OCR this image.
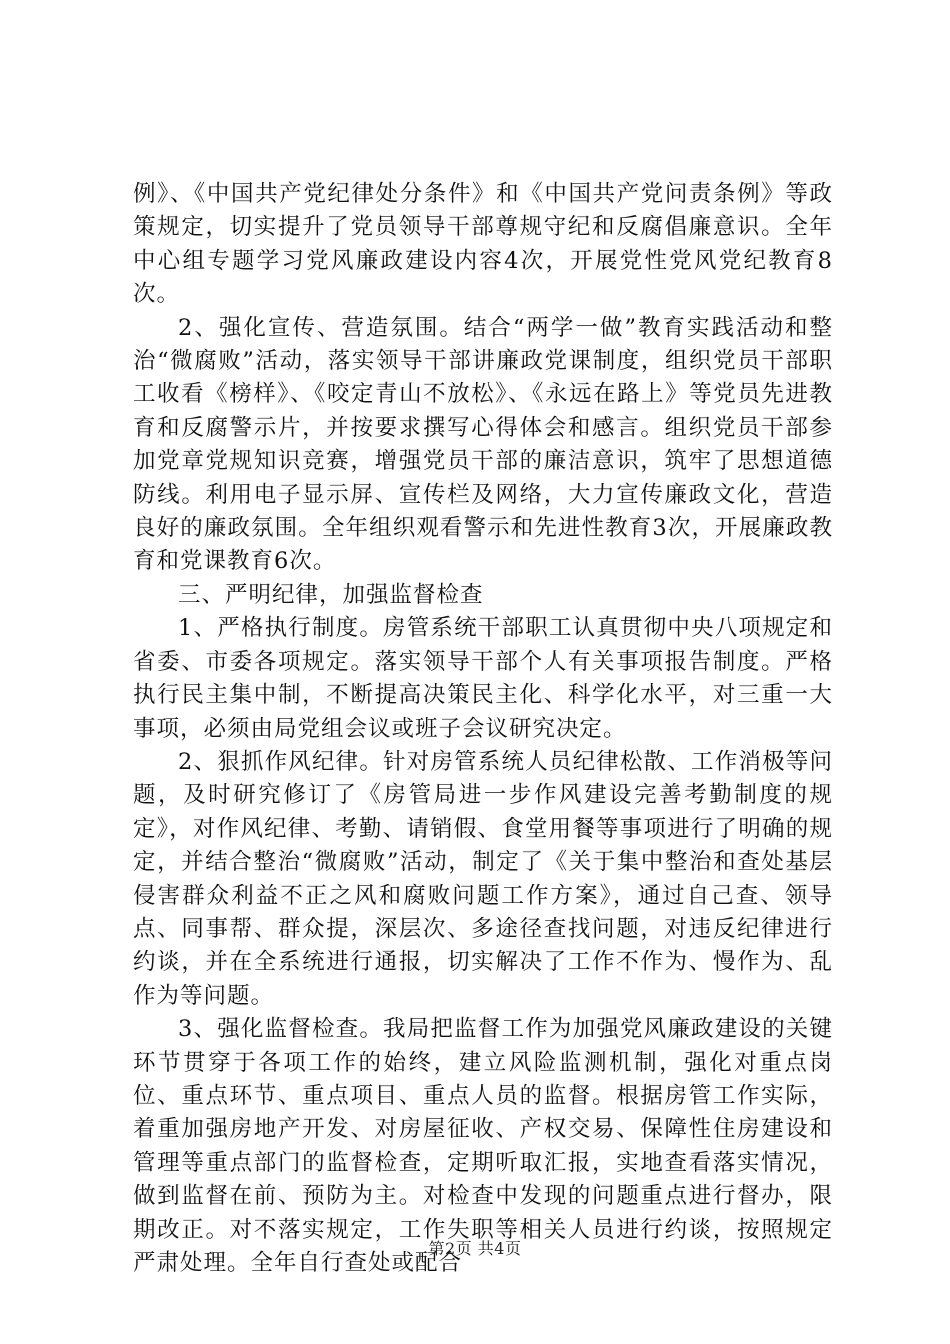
例》、《中国共产党纪律处分条件》和《中国共产党问责条例》等政策规定，切实提升了党员领导干部尊规守纪和反腐倡廉意识。全年中心组专题学习党风廉政建设内容4次，开展党性党风党纪教育8次。

2、强化宣传、营造氛围。结合“两学一做”教育实践活动和整治“微腐败”活动，落实领导干部讲廉政党课制度，组织党员干部职工收看《榜样》、《咬定青山不放松》、《永远在路上》等党员先进教育和反腐警示片，并按要求撰写心得体会和感言。组织党员干部参加党章党规知识竞赛，增强党员干部的廉洁意识，筑牢了思想道德防线。利用电子显示屏、宣传栏及网络，大力宣传廉政文化，营造良好的廉政氛围。全年组织观看警示和先进性教育3次，开展廉政教育和党课教育6次。

三、严明纪律，加强监督检查

1、严格执行制度。房管系统干部职工认真贯彻中央八项规定和省委、市委各项规定。落实领导干部个人有关事项报告制度。严格执行民主集中制，不断提高决策民主化、科学化水平，对三重一大事项，必须由局党组会议或班子会议研究决定。

2、狠抓作风纪律。针对房管系统人员纪律松散、工作消极等问题，及时研究修订了《房管局进一步作风建设完善考勤制度的规定》，对作风纪律、考勤、请销假、食堂用餐等事项进行了明确的规定，并结合整治“微腐败”活动，制定了《关于集中整治和查处基层侵害群众利益不正之风和腐败问题工作方案》，通过自己查、领导点、同事帮、群众提，深层次、多途径查找问题，对违反纪律进行约谈，并在全系统进行通报，切实解决了工作不作为、慢作为、乱作为等问题。

3、强化监督检查。我局把监督工作为加强党风廉政建设的关键环节贯穿于各项工作的始终，建立风险监测机制，强化对重点岗位、重点环节、重点项目、重点人员的监督。根据房管工作实际，着重加强房地产开发、对房屋征收、产权交易、保障性住房建设和管理等重点部门的监督检查，定期听取汇报，实地查看落实情况，做到监督在前、预防为主。对检查中发现的问题重点进行督办，限期改正。对不落实规定，工作失职等相关人员进行约谈，按照规定严肃处理。全年自行查处或配合

第2页 共4页
